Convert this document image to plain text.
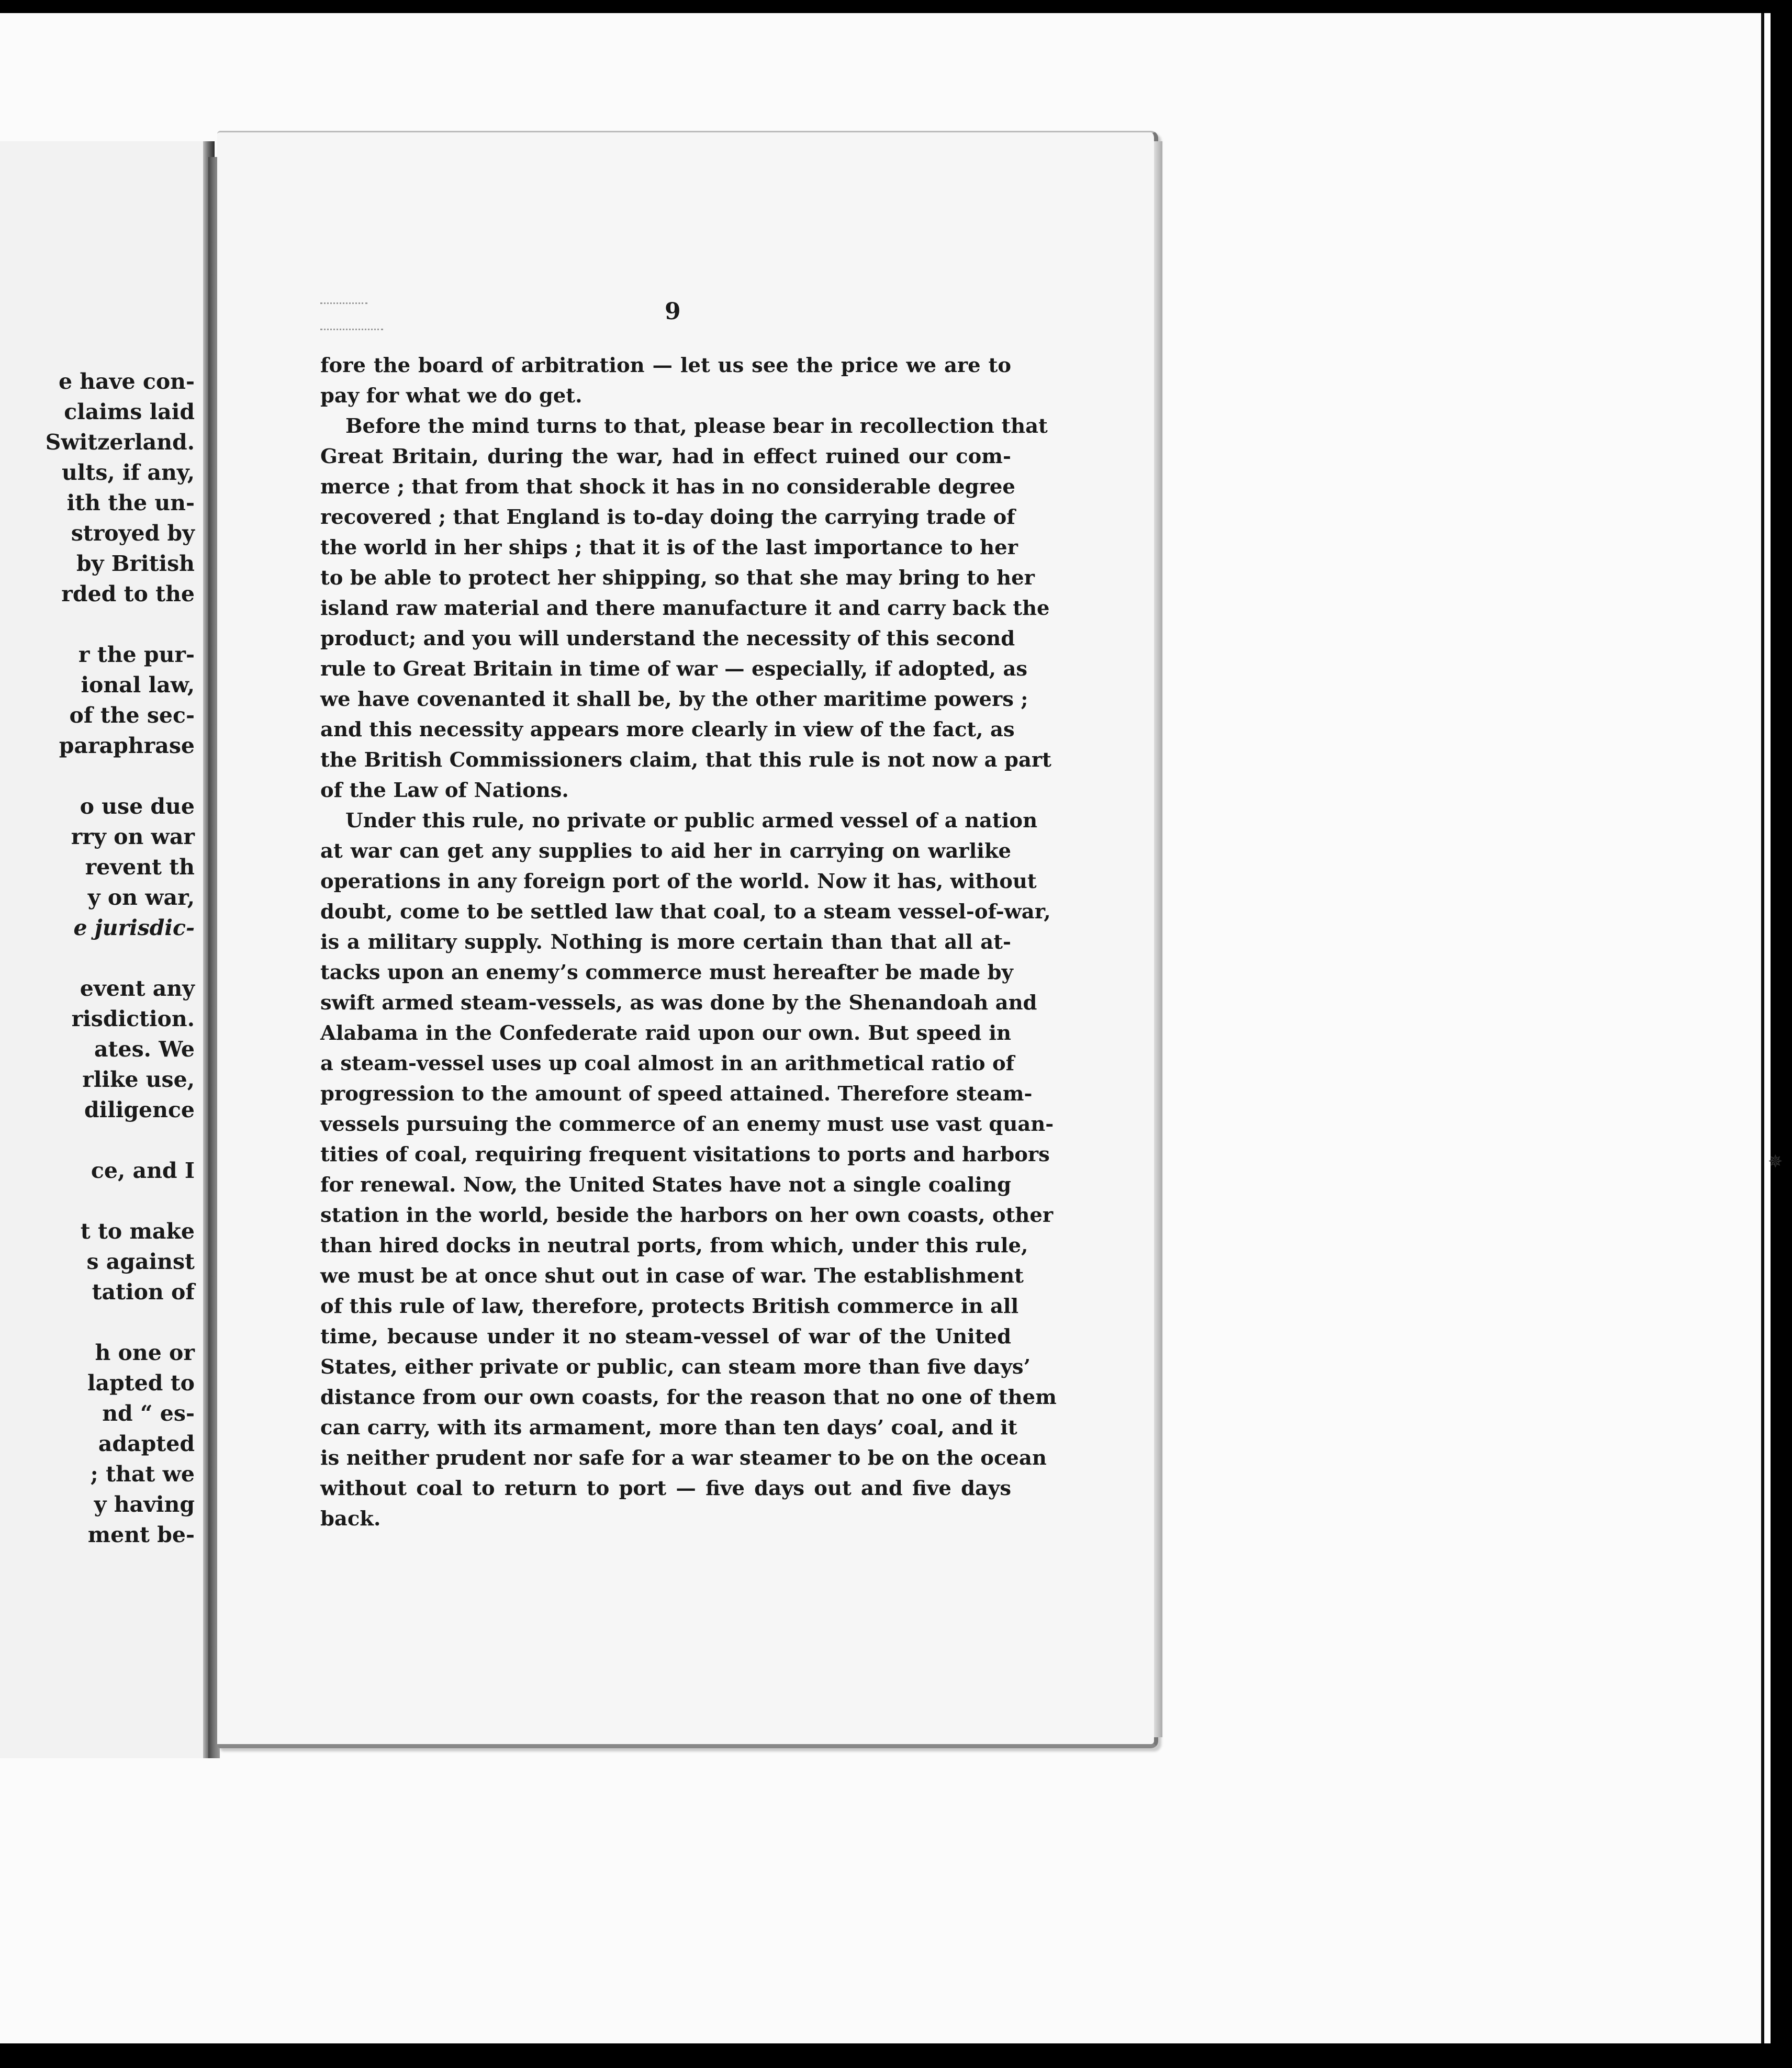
e have con-
claims laid
Switzerland.
ults, if any,
ith the un-
stroyed by
by British
rded to the
r the pur-
ional law,
of the sec-
paraphrase
o use due
rry on war
revent th
y on war,
e jurisdic-
event any
risdiction.
ates. We
rlike use,
diligence
ce, and I
t to make
s against
tation of
h one or
lapted to
nd “ es-
adapted
; that we
y having
ment be-
9
fore the board of arbitration — let us see the price we are to
pay for what we do get.
Before the mind turns to that, please bear in recollection that
Great Britain, during the war, had in effect ruined our com-
merce ; that from that shock it has in no considerable degree
recovered ; that England is to-day doing the carrying trade of
the world in her ships ; that it is of the last importance to her
to be able to protect her shipping, so that she may bring to her
island raw material and there manufacture it and carry back the
product; and you will understand the necessity of this second
rule to Great Britain in time of war — especially, if adopted, as
we have covenanted it shall be, by the other maritime powers ;
and this necessity appears more clearly in view of the fact, as
the British Commissioners claim, that this rule is not now a part
of the Law of Nations.
Under this rule, no private or public armed vessel of a nation
at war can get any supplies to aid her in carrying on warlike
operations in any foreign port of the world. Now it has, without
doubt, come to be settled law that coal, to a steam vessel-of-war,
is a military supply. Nothing is more certain than that all at-
tacks upon an enemy’s commerce must hereafter be made by
swift armed steam-vessels, as was done by the Shenandoah and
Alabama in the Confederate raid upon our own. But speed in
a steam-vessel uses up coal almost in an arithmetical ratio of
progression to the amount of speed attained. Therefore steam-
vessels pursuing the commerce of an enemy must use vast quan-
tities of coal, requiring frequent visitations to ports and harbors
for renewal. Now, the United States have not a single coaling
station in the world, beside the harbors on her own coasts, other
than hired docks in neutral ports, from which, under this rule,
we must be at once shut out in case of war. The establishment
of this rule of law, therefore, protects British commerce in all
time, because under it no steam-vessel of war of the United
States, either private or public, can steam more than five days’
distance from our own coasts, for the reason that no one of them
can carry, with its armament, more than ten days’ coal, and it
is neither prudent nor safe for a war steamer to be on the ocean
without coal to return to port — five days out and five days
back.
✵
